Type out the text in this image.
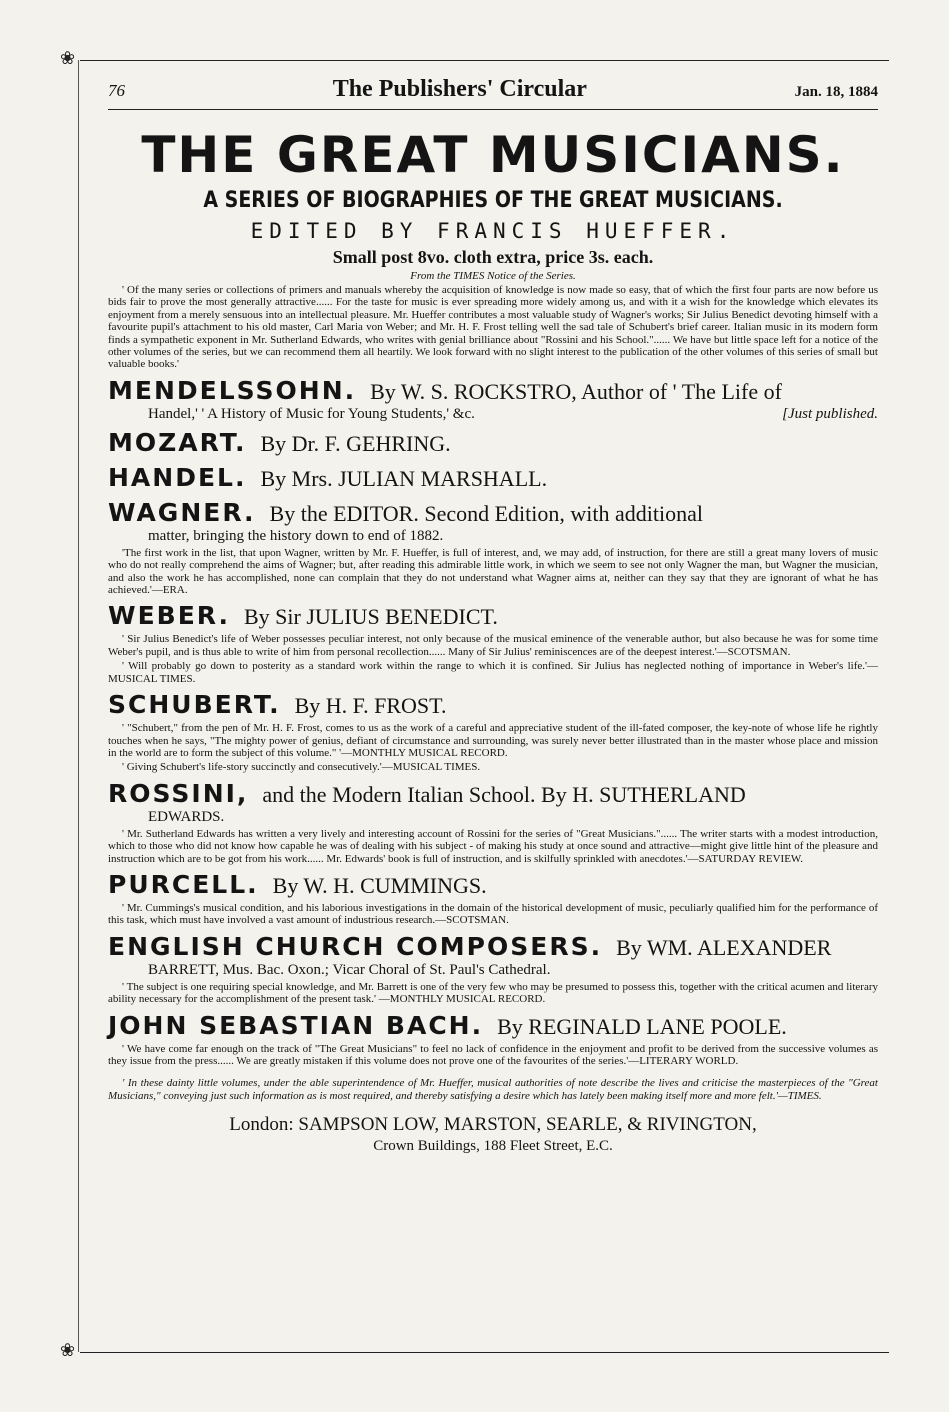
❀
❀
76	The Publishers' Circular	Jan. 18, 1884
THE GREAT MUSICIANS.
A SERIES OF BIOGRAPHIES OF THE GREAT MUSICIANS.
EDITED BY FRANCIS HUEFFER.
Small post 8vo. cloth extra, price 3s. each.
From the TIMES Notice of the Series.

' Of the many series or collections of primers and manuals whereby the acquisition of knowledge is now made so easy, that of which the first four parts are now before us bids fair to prove the most generally attractive...... For the taste for music is ever spreading more widely among us, and with it a wish for the knowledge which elevates its enjoyment from a merely sensuous into an intellectual pleasure. Mr. Hueffer contributes a most valuable study of Wagner's works; Sir Julius Benedict devoting himself with a favourite pupil's attachment to his old master, Carl Maria von Weber; and Mr. H. F. Frost telling well the sad tale of Schubert's brief career. Italian music in its modern form finds a sympathetic exponent in Mr. Sutherland Edwards, who writes with genial brilliance about "Rossini and his School."...... We have but little space left for a notice of the other volumes of the series, but we can recommend them all heartily. We look forward with no slight interest to the publication of the other volumes of this series of small but valuable books.'

MENDELSSOHN. By W. S. ROCKSTRO, Author of ' The Life of
Handel,' ' A History of Music for Young Students,' &c.	[Just published.
MOZART. By Dr. F. GEHRING.
HANDEL. By Mrs. JULIAN MARSHALL.
WAGNER. By the EDITOR. Second Edition, with additional
matter, bringing the history down to end of 1882.

'The first work in the list, that upon Wagner, written by Mr. F. Hueffer, is full of interest, and, we may add, of instruction, for there are still a great many lovers of music who do not really comprehend the aims of Wagner; but, after reading this admirable little work, in which we seem to see not only Wagner the man, but Wagner the musician, and also the work he has accomplished, none can complain that they do not understand what Wagner aims at, neither can they say that they are ignorant of what he has achieved.'—ERA.

WEBER. By Sir JULIUS BENEDICT.

' Sir Julius Benedict's life of Weber possesses peculiar interest, not only because of the musical eminence of the venerable author, but also because he was for some time Weber's pupil, and is thus able to write of him from personal recollection...... Many of Sir Julius' reminiscences are of the deepest interest.'—SCOTSMAN.

' Will probably go down to posterity as a standard work within the range to which it is confined. Sir Julius has neglected nothing of importance in Weber's life.'—MUSICAL TIMES.

SCHUBERT. By H. F. FROST.

' "Schubert," from the pen of Mr. H. F. Frost, comes to us as the work of a careful and appreciative student of the ill-fated composer, the key-note of whose life he rightly touches when he says, "The mighty power of genius, defiant of circumstance and surrounding, was surely never better illustrated than in the master whose place and mission in the world are to form the subject of this volume." '—MONTHLY MUSICAL RECORD.

' Giving Schubert's life-story succinctly and consecutively.'—MUSICAL TIMES.

ROSSINI, and the Modern Italian School. By H. SUTHERLAND
EDWARDS.

' Mr. Sutherland Edwards has written a very lively and interesting account of Rossini for the series of "Great Musicians."...... The writer starts with a modest introduction, which to those who did not know how capable he was of dealing with his subject - of making his study at once sound and attractive—might give little hint of the pleasure and instruction which are to be got from his work...... Mr. Edwards' book is full of instruction, and is skilfully sprinkled with anecdotes.'—SATURDAY REVIEW.

PURCELL. By W. H. CUMMINGS.

' Mr. Cummings's musical condition, and his laborious investigations in the domain of the historical development of music, peculiarly qualified him for the performance of this task, which must have involved a vast amount of industrious research.—SCOTSMAN.

ENGLISH CHURCH COMPOSERS. By WM. ALEXANDER
BARRETT, Mus. Bac. Oxon.; Vicar Choral of St. Paul's Cathedral.

' The subject is one requiring special knowledge, and Mr. Barrett is one of the very few who may be presumed to possess this, together with the critical acumen and literary ability necessary for the accomplishment of the present task.' —MONTHLY MUSICAL RECORD.

JOHN SEBASTIAN BACH. By REGINALD LANE POOLE.

' We have come far enough on the track of "The Great Musicians" to feel no lack of confidence in the enjoyment and profit to be derived from the successive volumes as they issue from the press...... We are greatly mistaken if this volume does not prove one of the favourites of the series.'—LITERARY WORLD.

' In these dainty little volumes, under the able superintendence of Mr. Hueffer, musical authorities of note describe the lives and criticise the masterpieces of the "Great Musicians," conveying just such information as is most required, and thereby satisfying a desire which has lately been making itself more and more felt.'—TIMES.

London: SAMPSON LOW, MARSTON, SEARLE, & RIVINGTON,
Crown Buildings, 188 Fleet Street, E.C.
